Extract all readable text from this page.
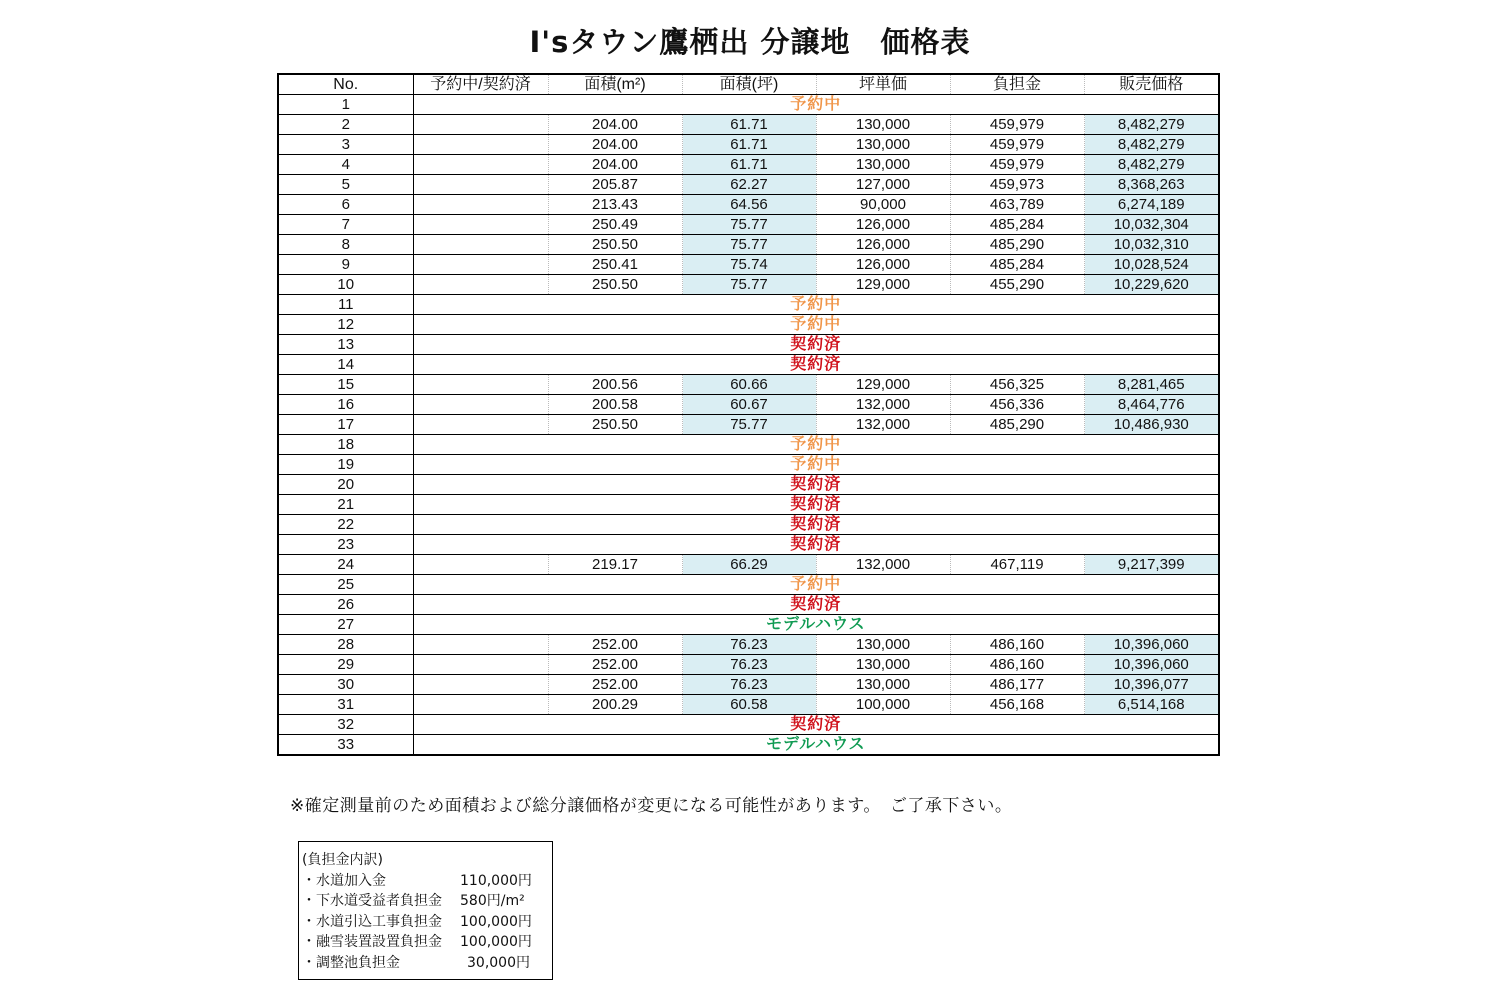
I'sタウン鷹栖出 分譲地　価格表
No.	予約中/契約済	面積(m²)	面積(坪)	坪単価	負担金	販売価格
1	予約中					
2		204.00	61.71	130,000	459,979	8,482,279
3		204.00	61.71	130,000	459,979	8,482,279
4		204.00	61.71	130,000	459,979	8,482,279
5		205.87	62.27	127,000	459,973	8,368,263
6		213.43	64.56	90,000	463,789	6,274,189
7		250.49	75.77	126,000	485,284	10,032,304
8		250.50	75.77	126,000	485,290	10,032,310
9		250.41	75.74	126,000	485,284	10,028,524
10		250.50	75.77	129,000	455,290	10,229,620
11	予約中					
12	予約中					
13	契約済					
14	契約済					
15		200.56	60.66	129,000	456,325	8,281,465
16		200.58	60.67	132,000	456,336	8,464,776
17		250.50	75.77	132,000	485,290	10,486,930
18	予約中					
19	予約中					
20	契約済					
21	契約済					
22	契約済					
23	契約済					
24		219.17	66.29	132,000	467,119	9,217,399
25	予約中					
26	契約済					
27	モデルハウス					
28		252.00	76.23	130,000	486,160	10,396,060
29		252.00	76.23	130,000	486,160	10,396,060
30		252.00	76.23	130,000	486,177	10,396,077
31		200.29	60.58	100,000	456,168	6,514,168
32	契約済					
33	モデルハウス					
※確定測量前のため面積および総分譲価格が変更になる可能性があります。　ご了承下さい。
(負担金内訳)
・水道加入金	110,000円
・下水道受益者負担金	580円/m²
・水道引込工事負担金	100,000円
・融雪装置設置負担金	100,000円
・調整池負担金	30,000円
